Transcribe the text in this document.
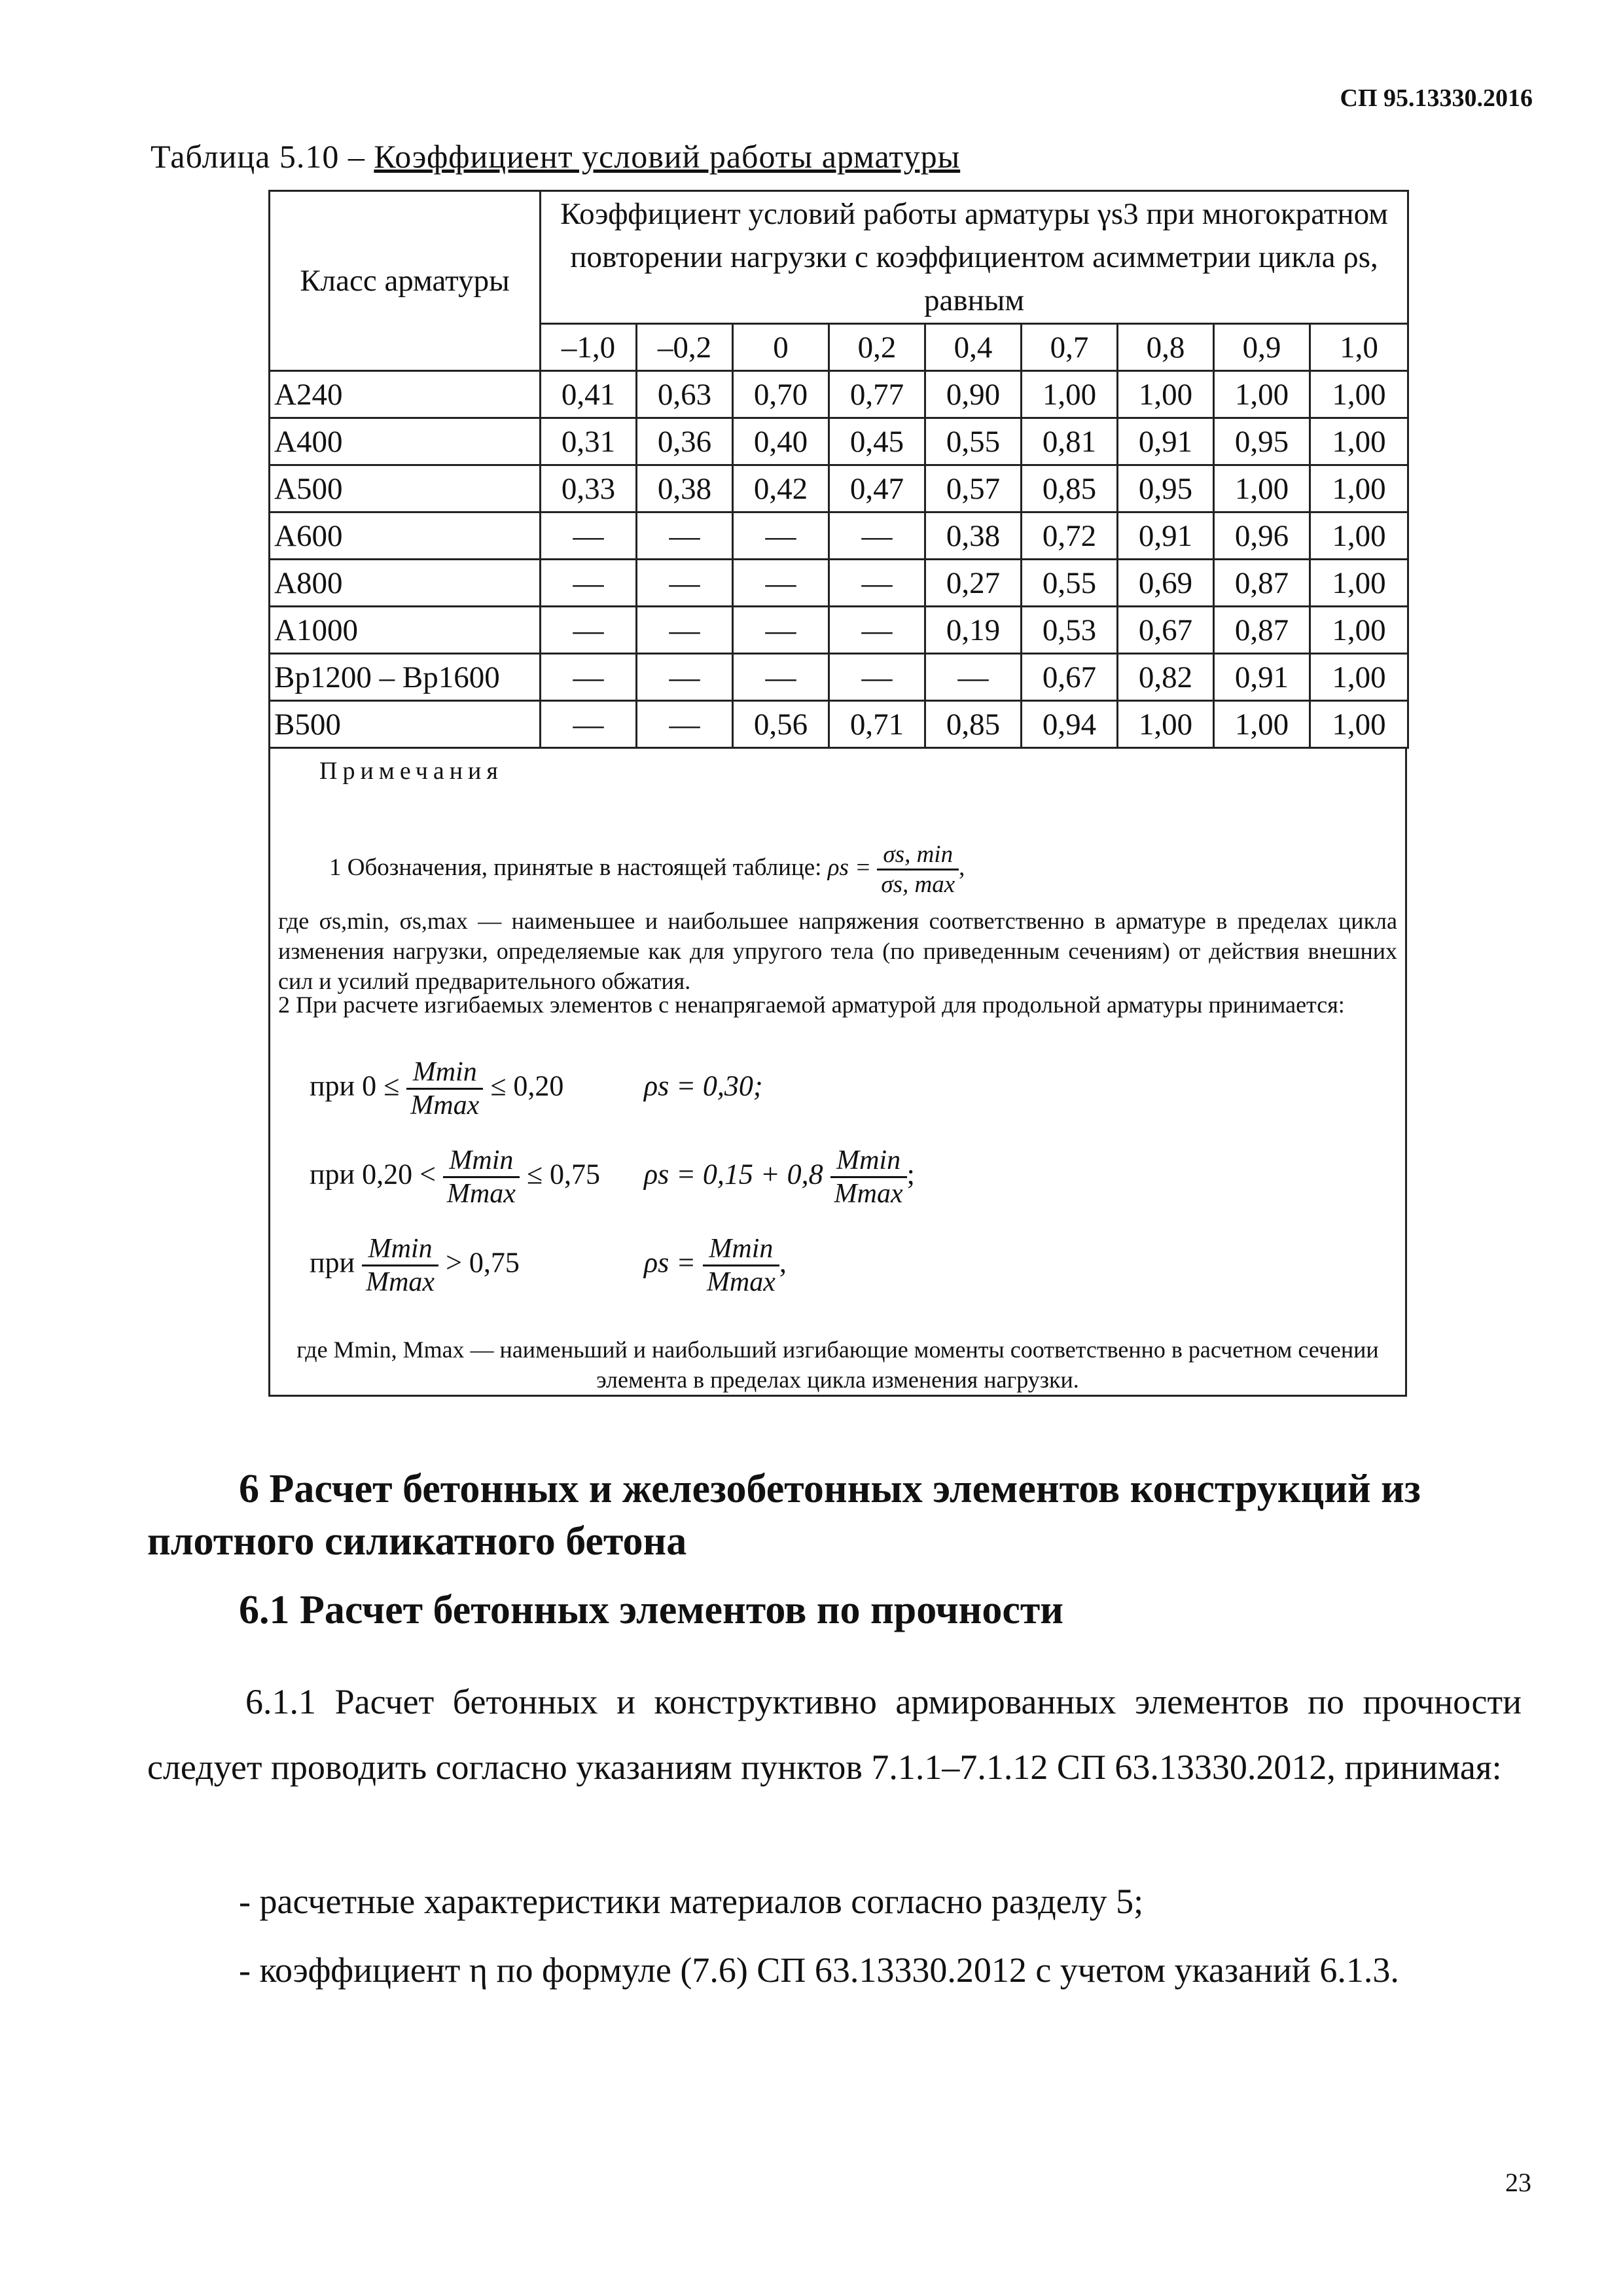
СП 95.13330.2016
Таблица 5.10 – Коэффициент условий работы арматуры
Класс арматуры	Коэффициент условий работы арматуры γs3 при многократном повторении нагрузки с коэффициентом асимметрии цикла ρs, равным								
	–1,0	–0,2	0	0,2	0,4	0,7	0,8	0,9	1,0
А240	0,41	0,63	0,70	0,77	0,90	1,00	1,00	1,00	1,00
А400	0,31	0,36	0,40	0,45	0,55	0,81	0,91	0,95	1,00
А500	0,33	0,38	0,42	0,47	0,57	0,85	0,95	1,00	1,00
А600	—	—	—	—	0,38	0,72	0,91	0,96	1,00
А800	—	—	—	—	0,27	0,55	0,69	0,87	1,00
А1000	—	—	—	—	0,19	0,53	0,67	0,87	1,00
Вр1200 – Вр1600	—	—	—	—	—	0,67	0,82	0,91	1,00
В500	—	—	0,56	0,71	0,85	0,94	1,00	1,00	1,00
Примечания
1 Обозначения, принятые в настоящей таблице: $\rho s = \frac{\sigma s, \min}{\sigma s, \max}$ ,
где σs,min, σs,max — наименьшее и наибольшее напряжения соответственно в арматуре в пределах цикла изменения нагрузки, определяемые как для упругого тела (по приведенным сечениям) от действия внешних сил и усилий предварительного обжатия.
2 При расчете изгибаемых элементов с ненапрягаемой арматурой для продольной арматуры принимается:
при $0 \le \frac{Mmin}{Mmax} \le 0,20$	ρs = 0,30;
при $0,20 < \frac{Mmin}{Mmax} \le 0,75$ $\rho s = 0,15 + 0,8 \frac{Mmin}{Mmax}$ ;
при $\frac{Mmin}{Mmax} > 0,75$	$\rho s = \frac{Mmin}{Mmax}$ ,
где Mmin, Mmax — наименьший и наибольший изгибающие моменты соответственно в расчетном сечении элемента в пределах цикла изменения нагрузки.
6 Расчет бетонных и железобетонных элементов конструкций из плотного силикатного бетона
6.1 Расчет бетонных элементов по прочности
6.1.1 Расчет бетонных и конструктивно армированных элементов по прочности следует проводить согласно указаниям пунктов 7.1.1–7.1.12 СП 63.13330.2012, принимая:
- расчетные характеристики материалов согласно разделу 5;
- коэффициент η по формуле (7.6) СП 63.13330.2012 с учетом указаний 6.1.3.
23
